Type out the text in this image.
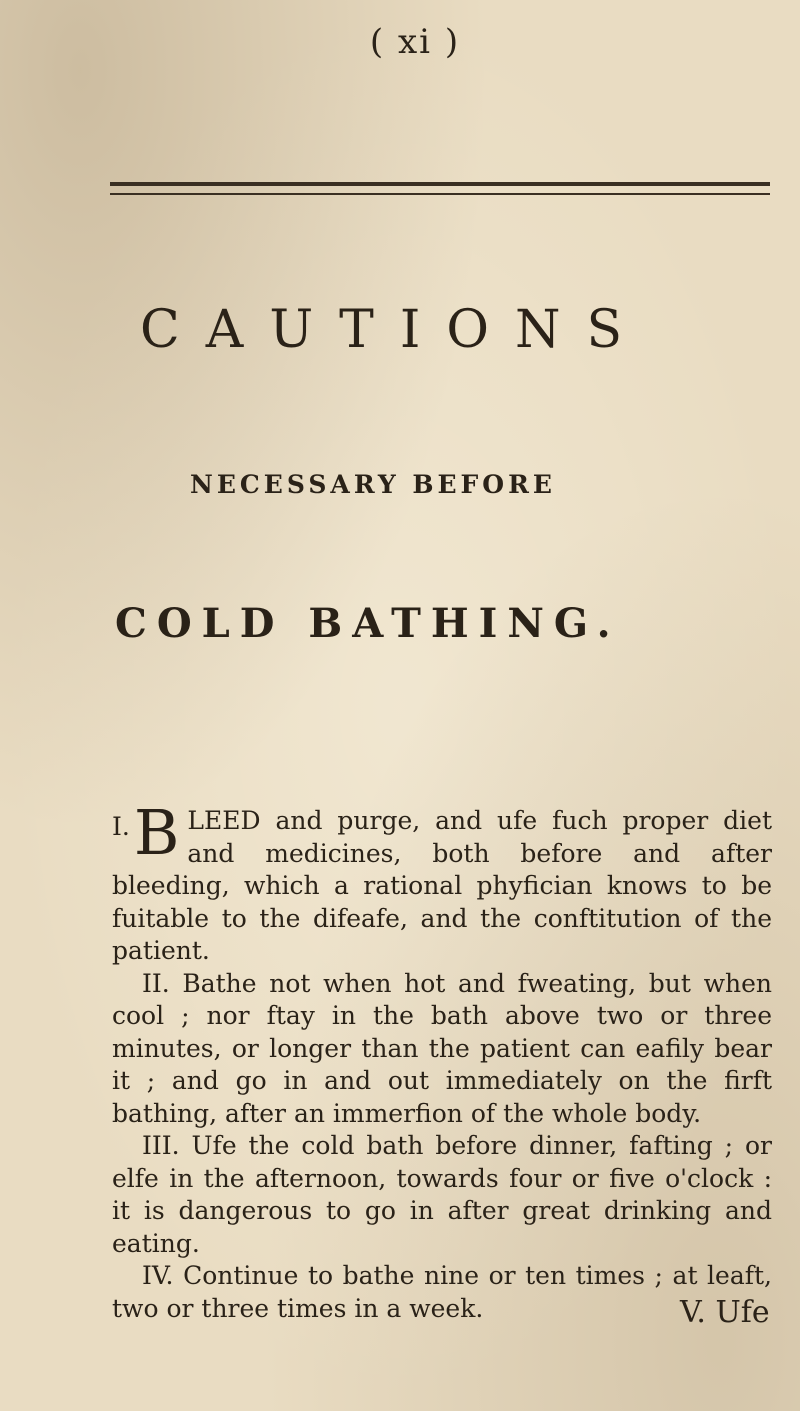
( xi )
CAUTIONS
NECESSARY BEFORE
COLD BATHING.

I. B LEED and purge, and ufe fuch proper diet and medicines, both before and after bleeding, which a rational phyfician knows to be fuitable to the difeafe, and the conftitution of the patient.

II. Bathe not when hot and fweating, but when cool ; nor ftay in the bath above two or three minutes, or longer than the patient can eafily bear it ; and go in and out immediately on the firft bathing, after an immerfion of the whole body.

III. Ufe the cold bath before dinner, fafting ; or elfe in the afternoon, towards four or five o'clock : it is dangerous to go in after great drinking and eating.

IV. Continue to bathe nine or ten times ; at leaft, two or three times in a week.	V. Ufe
